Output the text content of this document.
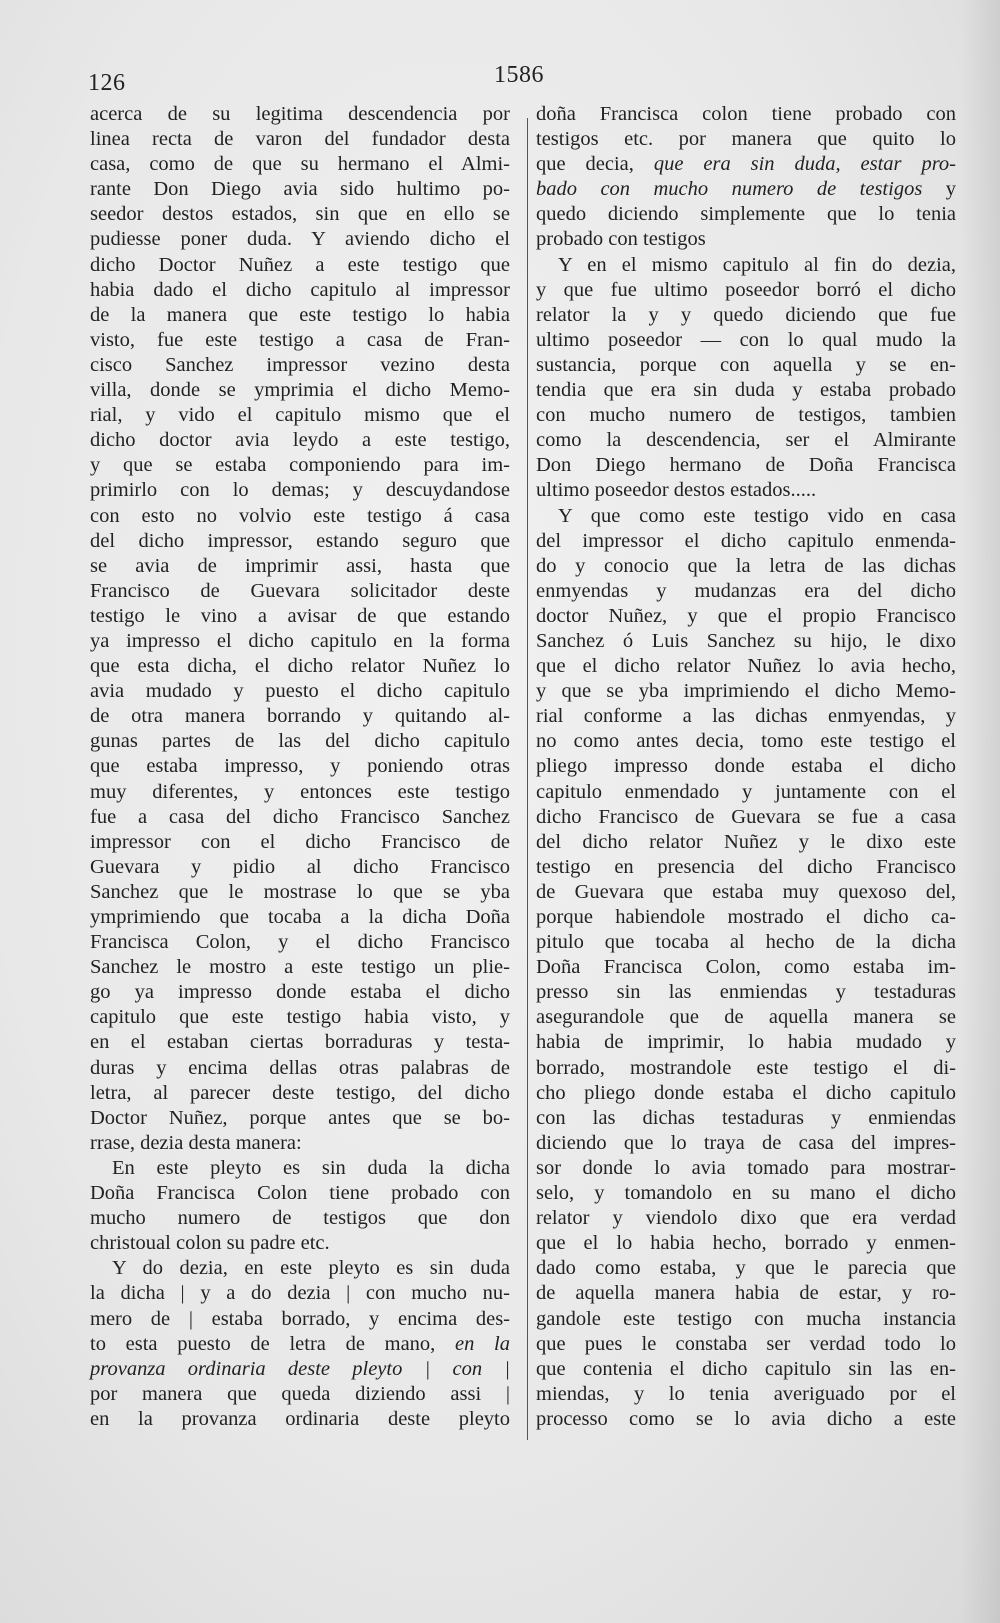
126	1586
acerca de su legitima descendencia por
linea recta de varon del fundador desta
casa, como de que su hermano el Almi-
rante Don Diego avia sido hultimo po-
seedor destos estados, sin que en ello se
pudiesse poner duda. Y aviendo dicho el
dicho Doctor Nuñez a este testigo que
habia dado el dicho capitulo al impressor
de la manera que este testigo lo habia
visto, fue este testigo a casa de Fran-
cisco Sanchez impressor vezino desta
villa, donde se ymprimia el dicho Memo-
rial, y vido el capitulo mismo que el
dicho doctor avia leydo a este testigo,
y que se estaba componiendo para im-
primirlo con lo demas; y descuydandose
con esto no volvio este testigo á casa
del dicho impressor, estando seguro que
se avia de imprimir assi, hasta que
Francisco de Guevara solicitador deste
testigo le vino a avisar de que estando
ya impresso el dicho capitulo en la forma
que esta dicha, el dicho relator Nuñez lo
avia mudado y puesto el dicho capitulo
de otra manera borrando y quitando al-
gunas partes de las del dicho capitulo
que estaba impresso, y poniendo otras
muy diferentes, y entonces este testigo
fue a casa del dicho Francisco Sanchez
impressor con el dicho Francisco de
Guevara y pidio al dicho Francisco
Sanchez que le mostrase lo que se yba
ymprimiendo que tocaba a la dicha Doña
Francisca Colon, y el dicho Francisco
Sanchez le mostro a este testigo un plie-
go ya impresso donde estaba el dicho
capitulo que este testigo habia visto, y
en el estaban ciertas borraduras y testa-
duras y encima dellas otras palabras de
letra, al parecer deste testigo, del dicho
Doctor Nuñez, porque antes que se bo-
rrase, dezia desta manera:
En este pleyto es sin duda la dicha
Doña Francisca Colon tiene probado con
mucho numero de testigos que don
christoual colon su padre etc.
Y do dezia, en este pleyto es sin duda
la dicha | y a do dezia | con mucho nu-
mero de | estaba borrado, y encima des-
to esta puesto de letra de mano, en la
provanza ordinaria deste pleyto | con |
por manera que queda diziendo assi |
en la provanza ordinaria deste pleyto
doña Francisca colon tiene probado con
testigos etc. por manera que quito lo
que decia, que era sin duda, estar pro-
bado con mucho numero de testigos y
quedo diciendo simplemente que lo tenia
probado con testigos
Y en el mismo capitulo al fin do dezia,
y que fue ultimo poseedor borró el dicho
relator la y y quedo diciendo que fue
ultimo poseedor — con lo qual mudo la
sustancia, porque con aquella y se en-
tendia que era sin duda y estaba probado
con mucho numero de testigos, tambien
como la descendencia, ser el Almirante
Don Diego hermano de Doña Francisca
ultimo poseedor destos estados.....
Y que como este testigo vido en casa
del impressor el dicho capitulo enmenda-
do y conocio que la letra de las dichas
enmyendas y mudanzas era del dicho
doctor Nuñez, y que el propio Francisco
Sanchez ó Luis Sanchez su hijo, le dixo
que el dicho relator Nuñez lo avia hecho,
y que se yba imprimiendo el dicho Memo-
rial conforme a las dichas enmyendas, y
no como antes decia, tomo este testigo el
pliego impresso donde estaba el dicho
capitulo enmendado y juntamente con el
dicho Francisco de Guevara se fue a casa
del dicho relator Nuñez y le dixo este
testigo en presencia del dicho Francisco
de Guevara que estaba muy quexoso del,
porque habiendole mostrado el dicho ca-
pitulo que tocaba al hecho de la dicha
Doña Francisca Colon, como estaba im-
presso sin las enmiendas y testaduras
asegurandole que de aquella manera se
habia de imprimir, lo habia mudado y
borrado, mostrandole este testigo el di-
cho pliego donde estaba el dicho capitulo
con las dichas testaduras y enmiendas
diciendo que lo traya de casa del impres-
sor donde lo avia tomado para mostrar-
selo, y tomandolo en su mano el dicho
relator y viendolo dixo que era verdad
que el lo habia hecho, borrado y enmen-
dado como estaba, y que le parecia que
de aquella manera habia de estar, y ro-
gandole este testigo con mucha instancia
que pues le constaba ser verdad todo lo
que contenia el dicho capitulo sin las en-
miendas, y lo tenia averiguado por el
processo como se lo avia dicho a este
